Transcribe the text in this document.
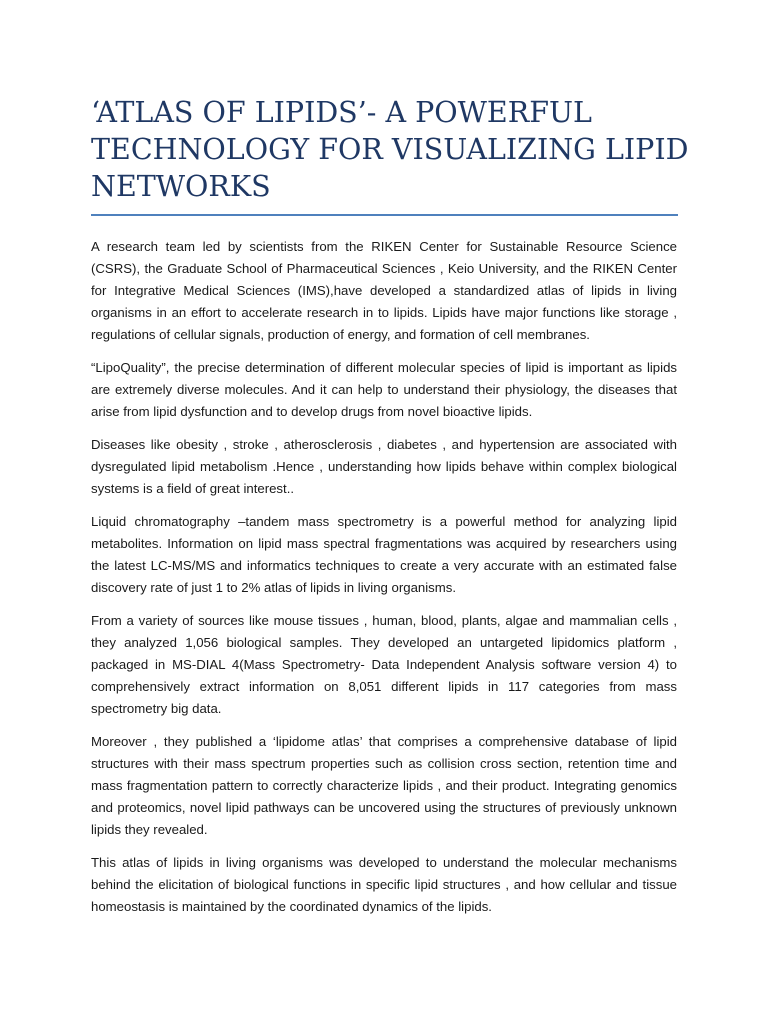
‘ATLAS OF LIPIDS’- A POWERFUL TECHNOLOGY FOR VISUALIZING LIPID NETWORKS

A research team led by scientists from the RIKEN Center for Sustainable Resource Science (CSRS), the Graduate School of Pharmaceutical Sciences , Keio University, and the RIKEN Center for Integrative Medical Sciences (IMS),have developed a standardized atlas of lipids in living organisms in an effort to accelerate research in to lipids. Lipids have major functions like storage , regulations of cellular signals, production of energy, and formation of cell membranes.

“LipoQuality”, the precise determination of different molecular species of lipid is important as lipids are extremely diverse molecules. And it can help to understand their physiology, the diseases that arise from lipid dysfunction and to develop drugs from novel bioactive lipids.

Diseases like obesity , stroke , atherosclerosis , diabetes , and hypertension are associated with dysregulated lipid metabolism .Hence , understanding how lipids behave within complex biological systems is a field of great interest..

Liquid chromatography –tandem mass spectrometry is a powerful method for analyzing lipid metabolites. Information on lipid mass spectral fragmentations was acquired by researchers using the latest LC-MS/MS and informatics techniques to create a very accurate with an estimated false discovery rate of just 1 to 2% atlas of lipids in living organisms.

From a variety of sources like mouse tissues , human, blood, plants, algae and mammalian cells , they analyzed 1,056 biological samples. They developed an untargeted lipidomics platform , packaged in MS-DIAL 4(Mass Spectrometry- Data Independent Analysis software version 4) to comprehensively extract information on 8,051 different lipids in 117 categories from mass spectrometry big data.

Moreover , they published a ‘lipidome atlas’ that comprises a comprehensive database of lipid structures with their mass spectrum properties such as collision cross section, retention time and mass fragmentation pattern to correctly characterize lipids , and their product. Integrating genomics and proteomics, novel lipid pathways can be uncovered using the structures of previously unknown lipids they revealed.

This atlas of lipids in living organisms was developed to understand the molecular mechanisms behind the elicitation of biological functions in specific lipid structures , and how cellular and tissue homeostasis is maintained by the coordinated dynamics of the lipids.
